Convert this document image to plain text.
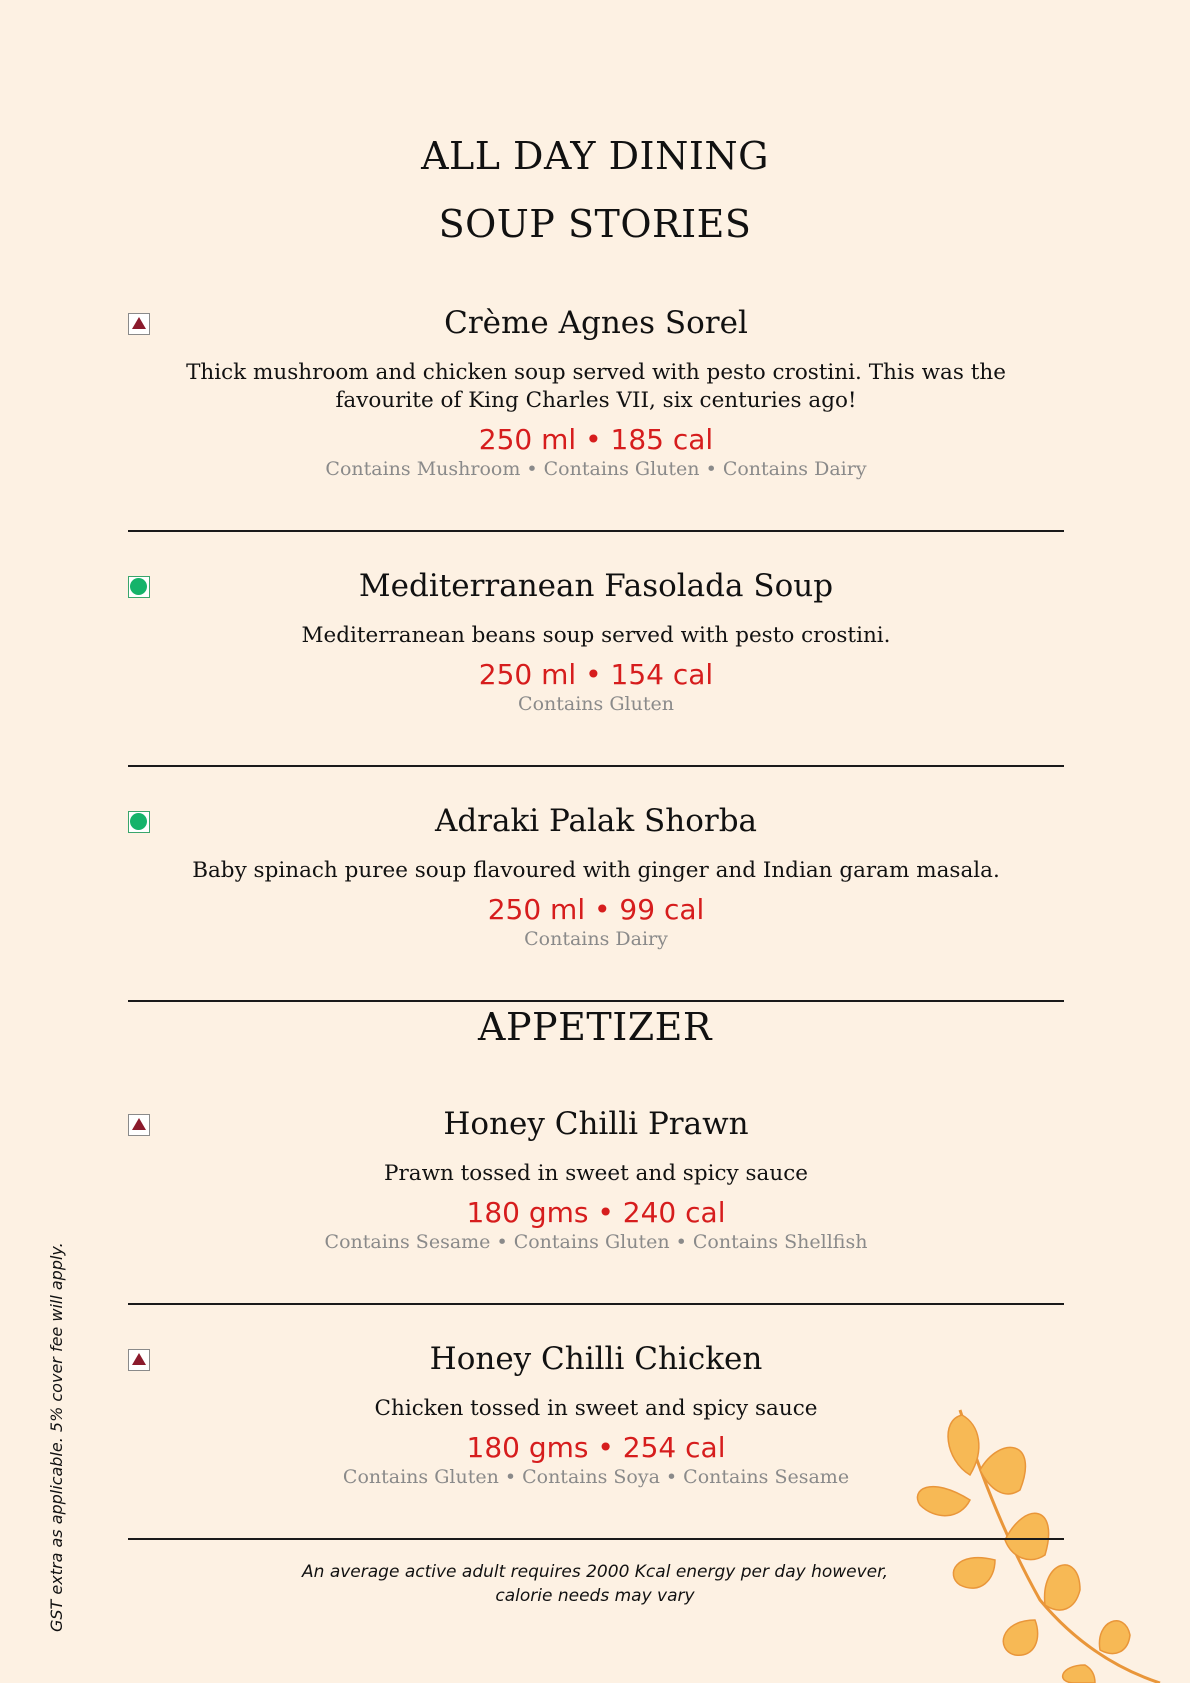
ALL DAY DINING
SOUP STORIES
Crème Agnes Sorel
Thick mushroom and chicken soup served with pesto crostini. This was the favourite of King Charles VII, six centuries ago!
250 ml • 185 cal
Contains Mushroom • Contains Gluten • Contains Dairy
Mediterranean Fasolada Soup
Mediterranean beans soup served with pesto crostini.
250 ml • 154 cal
Contains Gluten
Adraki Palak Shorba
Baby spinach puree soup flavoured with ginger and Indian garam masala.
250 ml • 99 cal
Contains Dairy
APPETIZER
Honey Chilli Prawn
Prawn tossed in sweet and spicy sauce
180 gms • 240 cal
Contains Sesame • Contains Gluten • Contains Shellfish
Honey Chilli Chicken
Chicken tossed in sweet and spicy sauce
180 gms • 254 cal
Contains Gluten • Contains Soya • Contains Sesame
An average active adult requires 2000 Kcal energy per day however,
calorie needs may vary
GST extra as applicable. 5% cover fee will apply.
